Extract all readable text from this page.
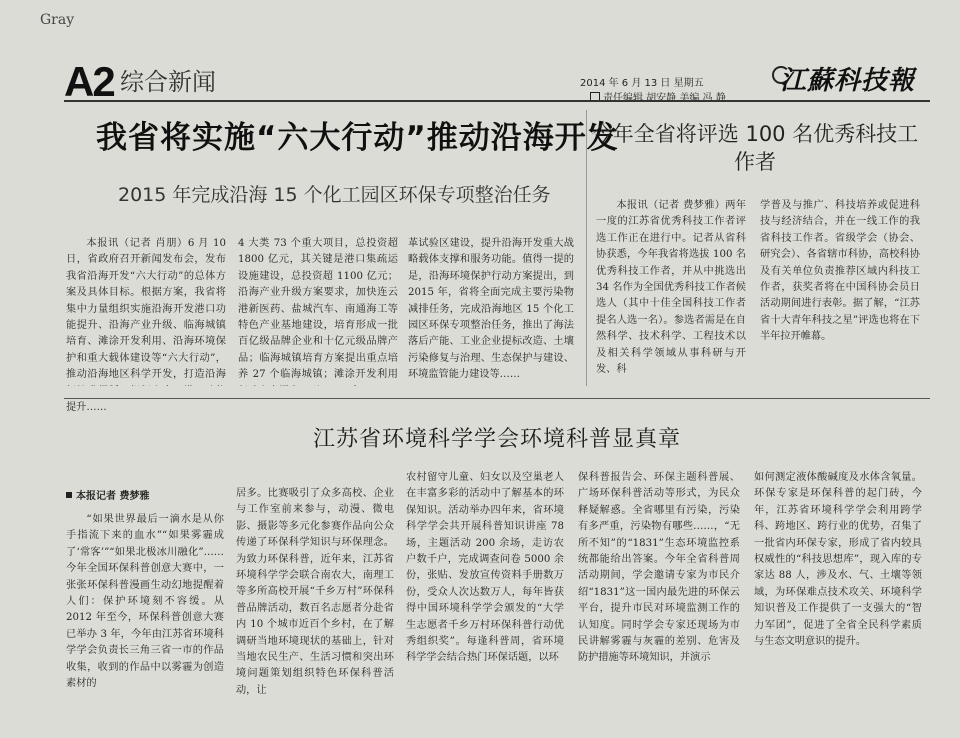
Gray
A2 综合新闻	2014 年 6 月 13 日 星期五
责任编辑 胡安静 美编 冯 静
江蘇科技報
我省将实施“六大行动”推动沿海开发
2015 年完成沿海 15 个化工园区环保专项整治任务

本报讯（记者 肖朋）6 月 10 日，省政府召开新闻发布会，发布我省沿海开发“六大行动”的总体方案及具体目标。根据方案，我省将集中力量组织实施沿海开发港口功能提升、沿海产业升级、临海城镇培育、滩涂开发利用、沿海环境保护和重大载体建设等“六大行动”，推动沿海地区科学开发，打造沿海 提升……

4 大类 73 个重大项目，总投资超 1800 亿元，其关键是港口集疏运设施建设，总投资超 1100 亿元；沿海产业升级方案要求，加快连云港新医药、盐城汽车、南通海工等特色产业基地建设，培育形成一批百亿级品牌企业和十亿元级品牌产品；临海城镇培育方案提出重点培养 27 个临海城镇；滩涂开发利用

革试验区建设，提升沿海开发重大战略载体支撑和服务功能。值得一提的是，沿海环境保护行动方案提出，到 2015 年，省将全面完成主要污染物减排任务，完成沿海地区 15 个化工园区环保专项整治任务，推出了海法落后产能、工业企业提标改造、土壤污染修复与治理、生态保护与建设、环境监管能力建设等……

今年全省将评选 100 名优秀科技工作者

本报讯（记者 费梦雅）两年一度的江苏省优秀科技工作者评选工作正在进行中。记者从省科协获悉，今年我省将选拔 100 名优秀科技工作者，并从中挑选出 34 名作为全国优秀科技工作者候选人（其中十佳全国科技工作者提名人选一名）。参选者需是在自然科学、技术科学、工程技术以及相关科学领域从事科研与开发、科

学普及与推广、科技培养或促进科技与经济结合，并在一线工作的我省科技工作者。省级学会（协会、研究会）、各省辖市科协，高校科协及有关单位负责推荐区域内科技工作者，获奖者将在中国科协会员日活动期间进行表彰。据了解，“江苏省十大青年科技之星”评选也将在下半年拉开帷幕。

江苏省环境科学学会环境科普显真章
本报记者 费梦雅

“如果世界最后一滴水是从你手指流下来的血水”“如果雾霾成了‘常客’”“如果北极冰川融化”……今年全国环保科普创意大赛中，一张张环保科普漫画生动幻地提醒着人们：保护环境刻不容缓。从 2012 年至今，环保科普创意大赛已举办 3 年，今年由江苏省环境科学学会负责长三角三省一市的作品收集，收到的作品中以雾霾为创造素材的

居多。比赛吸引了众多高校、企业与工作室前来参与，动漫、微电影、摄影等多元化参赛作品向公众传递了环保科学知识与环保理念。为致力环保科普，近年来，江苏省环境科学学会联合南农大，南理工等多所高校开展“千乡万村”环保科普品牌活动，数百名志愿者分赴省内 10 个城市近百个乡村，在了解调研当地环境现状的基础上，针对当地农民生产、生活习惯和突出环境问题策划组织特色环保科普活动，让

农村留守儿童、妇女以及空巢老人在丰富多彩的活动中了解基本的环保知识。活动举办四年来，省环境科学学会共开展科普知识讲座 78 场，主题活动 200 余场，走访农户数千户，完成调查问卷 5000 余份，张贴、发放宣传资料手册数万份，受众人次达数万人，每年皆获得中国环境科学学会颁发的“大学生志愿者千乡万村环保科普行动优秀组织奖”。每逢科普周，省环境科学学会结合热门环保话题，以环

保科普报告会、环保主题科普展、广场环保科普活动等形式，为民众释疑解惑。全省哪里有污染，污染有多严重，污染物有哪些……，“无所不知”的“1831”生态环境监控系统都能给出答案。今年全省科普周活动期间，学会邀请专家为市民介绍“1831”这一国内最先进的环保云平台，提升市民对环境监测工作的认知度。同时学会专家还现场为市民讲解雾霾与灰霾的差别、危害及防护措施等环境知识，并演示

如何测定液体酸碱度及水体含氧量。环保专家是环保科普的起门砖，今年，江苏省环境科学学会利用跨学科、跨地区、跨行业的优势，召集了一批省内环保专家，形成了省内较具权威性的“科技思想库”，现入库的专家达 88 人，涉及水、气、土壤等领域，为环保难点技术攻关、环境科学知识普及工作提供了一支强大的“智力军团”，促进了全省全民科学素质与生态文明意识的提升。
